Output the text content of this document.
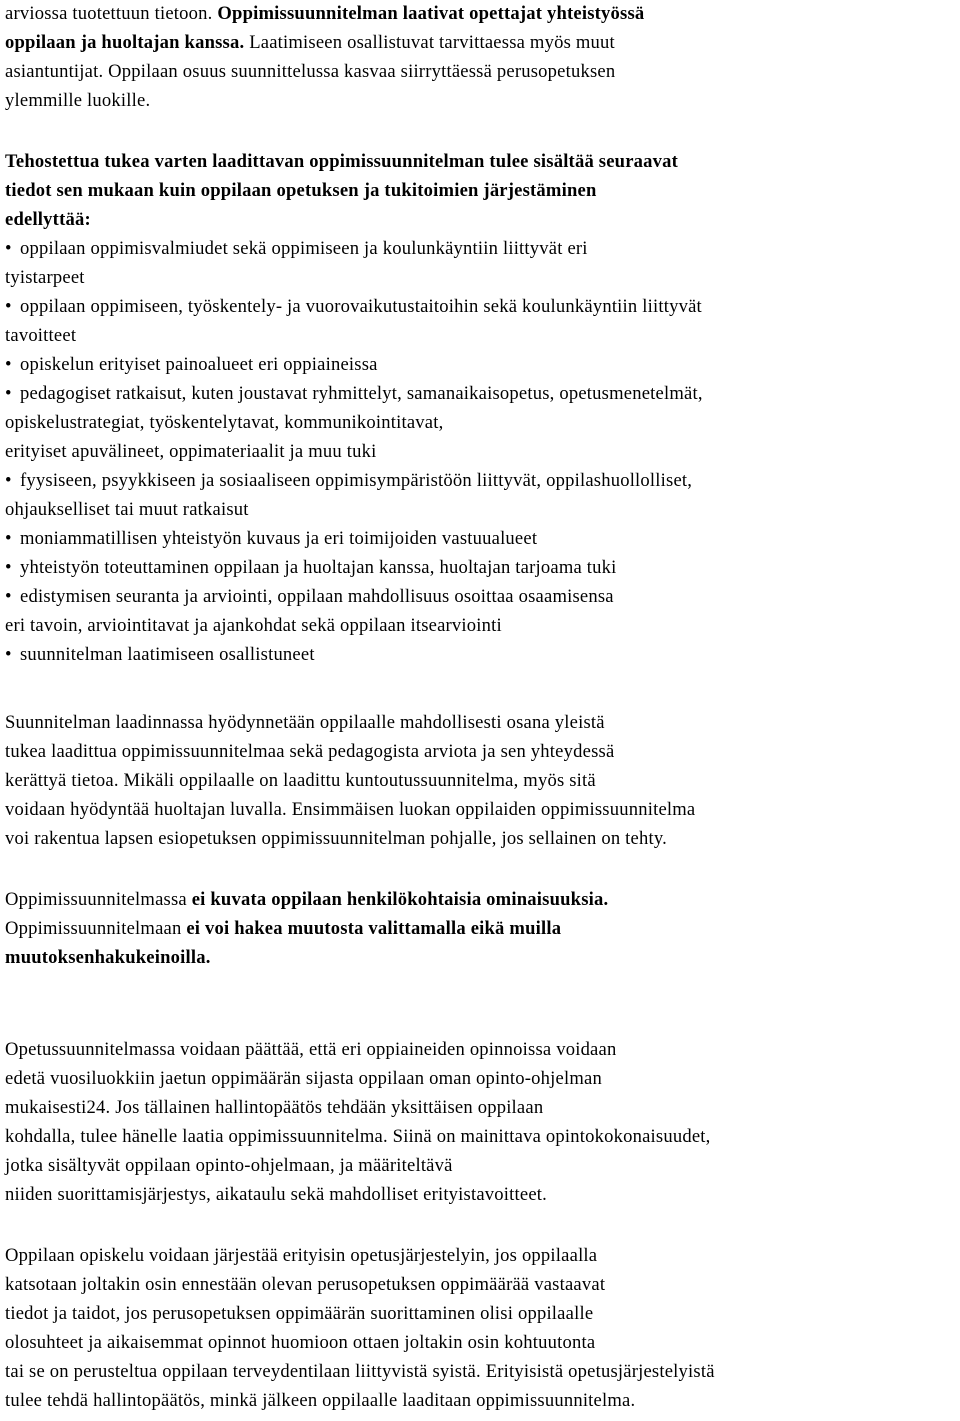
arviossa tuotettuun tietoon. Oppimissuunnitelman laativat opettajat yhteistyössä
oppilaan ja huoltajan kanssa. Laatimiseen osallistuvat tarvittaessa myös muut
asiantuntijat. Oppilaan osuus suunnittelussa kasvaa siirryttäessä perusopetuksen
ylemmille luokille.
Tehostettua tukea varten laadittavan oppimissuunnitelman tulee sisältää seuraavat
tiedot sen mukaan kuin oppilaan opetuksen ja tukitoimien järjestäminen
edellyttää:
• oppilaan oppimisvalmiudet sekä oppimiseen ja koulunkäyntiin liittyvät eri
tyistarpeet
• oppilaan oppimiseen, työskentely- ja vuorovaikutustaitoihin sekä koulunkäyntiin liittyvät
tavoitteet
• opiskelun erityiset painoalueet eri oppiaineissa
• pedagogiset ratkaisut, kuten joustavat ryhmittelyt, samanaikaisopetus, opetusmenetelmät,
opiskelustrategiat, työskentelytavat, kommunikointitavat,
erityiset apuvälineet, oppimateriaalit ja muu tuki
• fyysiseen, psyykkiseen ja sosiaaliseen oppimisympäristöön liittyvät, oppilashuollolliset,
ohjaukselliset tai muut ratkaisut
• moniammatillisen yhteistyön kuvaus ja eri toimijoiden vastuualueet
• yhteistyön toteuttaminen oppilaan ja huoltajan kanssa, huoltajan tarjoama tuki
• edistymisen seuranta ja arviointi, oppilaan mahdollisuus osoittaa osaamisensa
eri tavoin, arviointitavat ja ajankohdat sekä oppilaan itsearviointi
• suunnitelman laatimiseen osallistuneet
Suunnitelman laadinnassa hyödynnetään oppilaalle mahdollisesti osana yleistä
tukea laadittua oppimissuunnitelmaa sekä pedagogista arviota ja sen yhteydessä
kerättyä tietoa. Mikäli oppilaalle on laadittu kuntoutussuunnitelma, myös sitä
voidaan hyödyntää huoltajan luvalla. Ensimmäisen luokan oppilaiden oppimissuunnitelma
voi rakentua lapsen esiopetuksen oppimissuunnitelman pohjalle, jos sellainen on tehty.
Oppimissuunnitelmassa ei kuvata oppilaan henkilökohtaisia ominaisuuksia.
Oppimissuunnitelmaan ei voi hakea muutosta valittamalla eikä muilla
muutoksenhakukeinoilla.
Opetussuunnitelmassa voidaan päättää, että eri oppiaineiden opinnoissa voidaan
edetä vuosiluokkiin jaetun oppimäärän sijasta oppilaan oman opinto-ohjelman
mukaisesti24. Jos tällainen hallintopäätös tehdään yksittäisen oppilaan
kohdalla, tulee hänelle laatia oppimissuunnitelma. Siinä on mainittava opintokokonaisuudet,
jotka sisältyvät oppilaan opinto-ohjelmaan, ja määriteltävä
niiden suorittamisjärjestys, aikataulu sekä mahdolliset erityistavoitteet.
Oppilaan opiskelu voidaan järjestää erityisin opetusjärjestelyin, jos oppilaalla
katsotaan joltakin osin ennestään olevan perusopetuksen oppimäärää vastaavat
tiedot ja taidot, jos perusopetuksen oppimäärän suorittaminen olisi oppilaalle
olosuhteet ja aikaisemmat opinnot huomioon ottaen joltakin osin kohtuutonta
tai se on perusteltua oppilaan terveydentilaan liittyvistä syistä. Erityisistä opetusjärjestelyistä
tulee tehdä hallintopäätös, minkä jälkeen oppilaalle laaditaan oppimissuunnitelma.
